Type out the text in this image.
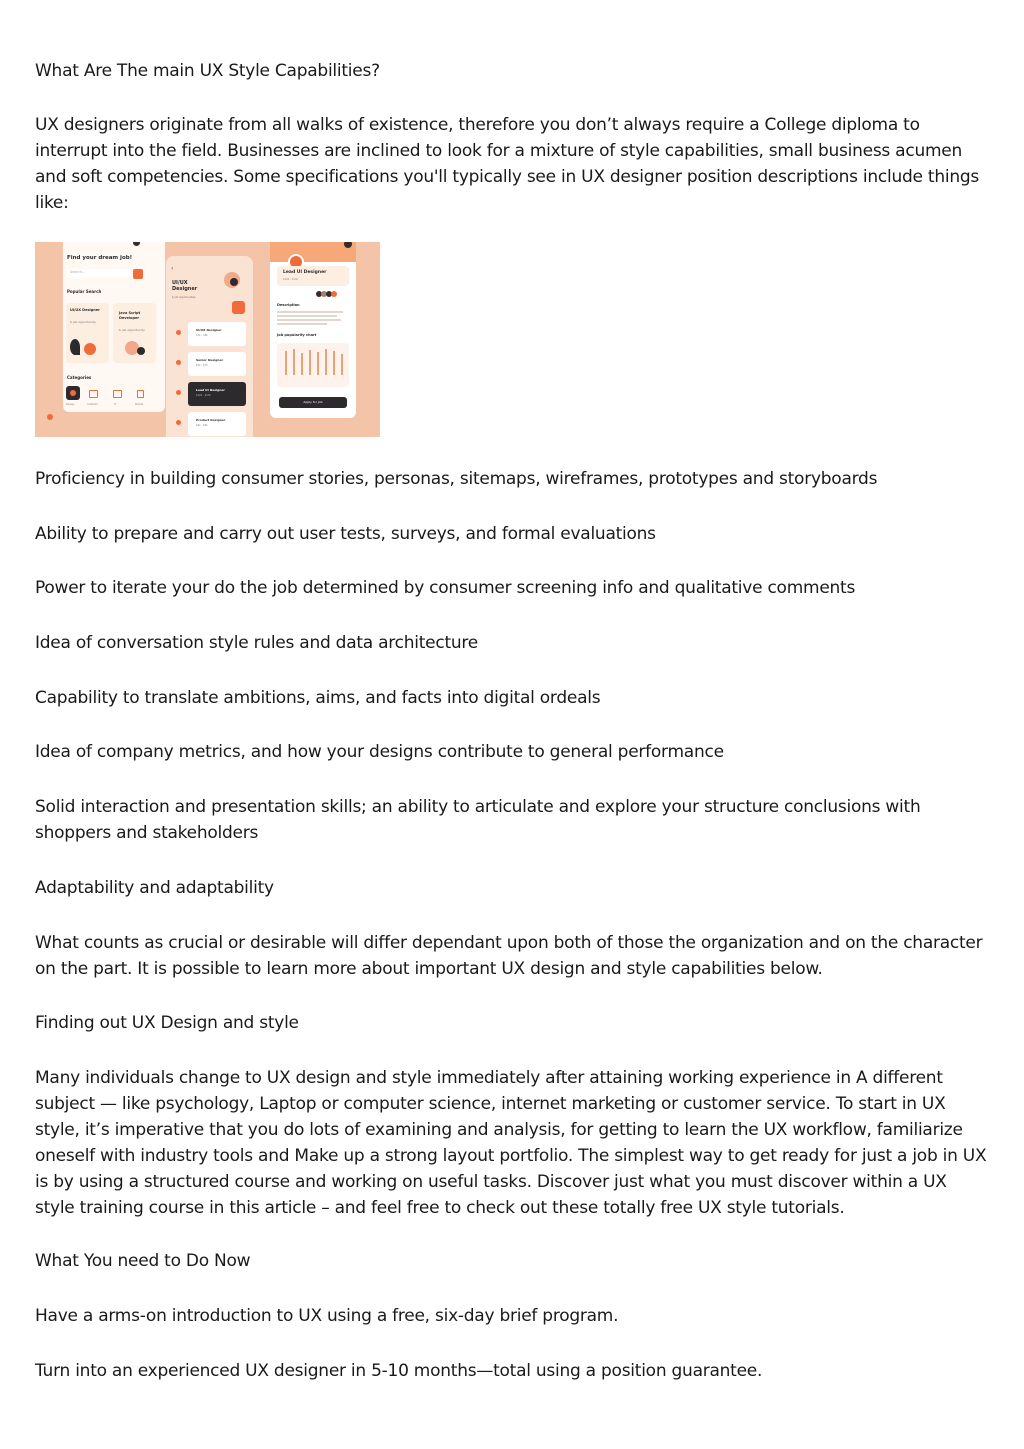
What Are The main UX Style Capabilities?

UX designers originate from all walks of existence, therefore you don’t always require a College diploma to interrupt into the field. Businesses are inclined to look for a mixture of style capabilities, small business acumen and soft competencies. Some specifications you'll typically see in UX designer position descriptions include things like:

Find your dream job!
Search...
Popular Search
UI/UX Designer
$ job opportunity
Java Script Developer
$ job opportunity
Categories
Design	Collector	IT	Mobile
‹
UI/UX Designer
$ job opportunities
UI/UX Designer
$7k - $8k
Senior Designer
$5k - $7k
Lead UI Designer
$10k - $13k
Product Designer
$4k - $6k
Lead UI Designer
$10k - $13k
Description
Job popularity chart
Apply for Job

Proficiency in building consumer stories, personas, sitemaps, wireframes, prototypes and storyboards

Ability to prepare and carry out user tests, surveys, and formal evaluations

Power to iterate your do the job determined by consumer screening info and qualitative comments

Idea of conversation style rules and data architecture

Capability to translate ambitions, aims, and facts into digital ordeals

Idea of company metrics, and how your designs contribute to general performance

Solid interaction and presentation skills; an ability to articulate and explore your structure conclusions with shoppers and stakeholders

Adaptability and adaptability

What counts as crucial or desirable will differ dependant upon both of those the organization and on the character on the part. It is possible to learn more about important UX design and style capabilities below.

Finding out UX Design and style

Many individuals change to UX design and style immediately after attaining working experience in A different subject — like psychology, Laptop or computer science, internet marketing or customer service. To start in UX style, it’s imperative that you do lots of examining and analysis, for getting to learn the UX workflow, familiarize oneself with industry tools and Make up a strong layout portfolio. The simplest way to get ready for just a job in UX is by using a structured course and working on useful tasks. Discover just what you must discover within a UX style training course in this article – and feel free to check out these totally free UX style tutorials.

What You need to Do Now

Have a arms-on introduction to UX using a free, six-day brief program.

Turn into an experienced UX designer in 5-10 months—total using a position guarantee.
